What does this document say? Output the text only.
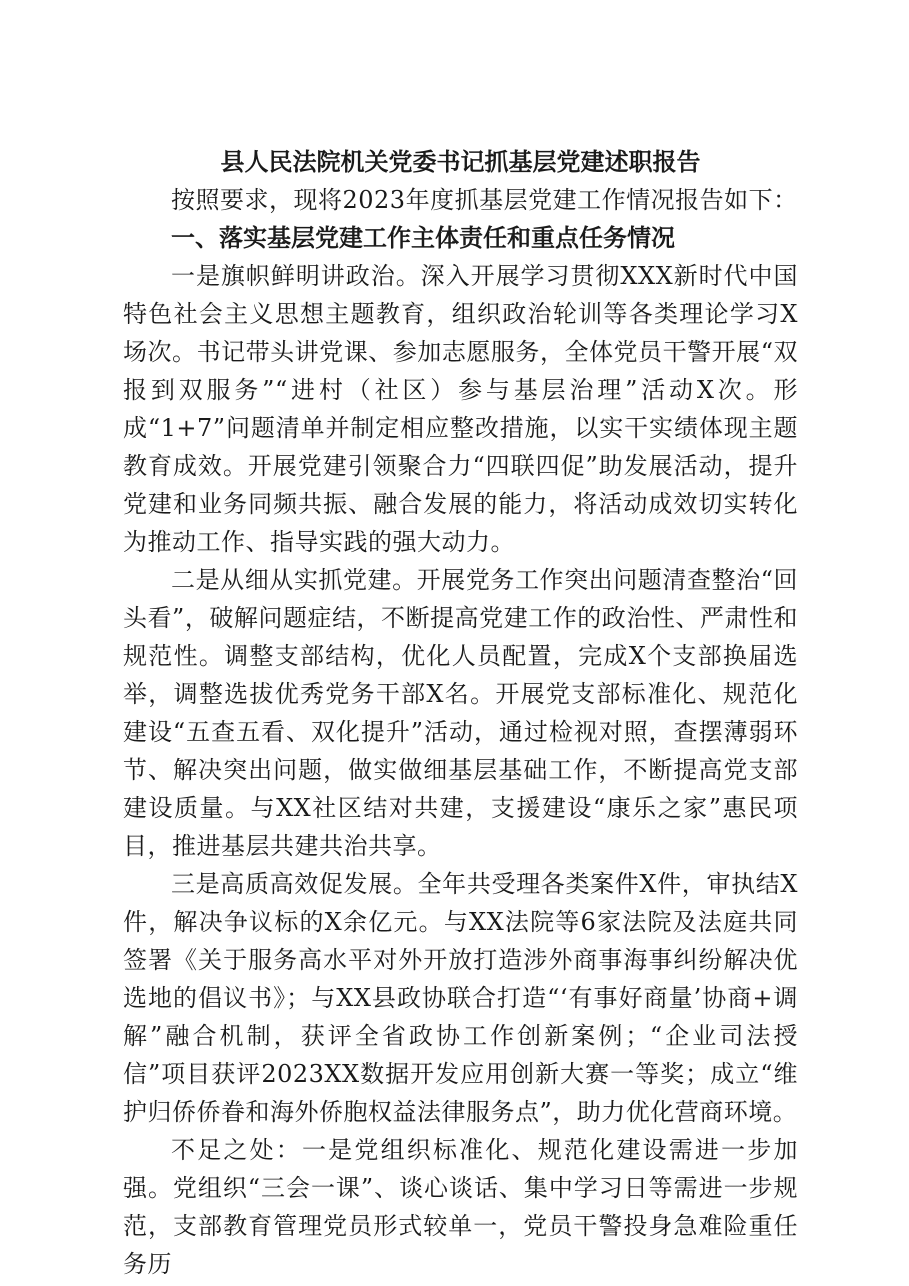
县人民法院机关党委书记抓基层党建述职报告

按照要求，现将2023年度抓基层党建工作情况报告如下：

一、落实基层党建工作主体责任和重点任务情况

一是旗帜鲜明讲政治。深入开展学习贯彻XXX新时代中国特色社会主义思想主题教育，组织政治轮训等各类理论学习X场次。书记带头讲党课、参加志愿服务，全体党员干警开展“双报到双服务”“进村（社区）参与基层治理”活动X次。形成“1+7”问题清单并制定相应整改措施，以实干实绩体现主题教育成效。开展党建引领聚合力“四联四促”助发展活动，提升党建和业务同频共振、融合发展的能力，将活动成效切实转化为推动工作、指导实践的强大动力。

二是从细从实抓党建。开展党务工作突出问题清查整治“回头看”，破解问题症结，不断提高党建工作的政治性、严肃性和规范性。调整支部结构，优化人员配置，完成X个支部换届选举，调整选拔优秀党务干部X名。开展党支部标准化、规范化建设“五查五看、双化提升”活动，通过检视对照，查摆薄弱环节、解决突出问题，做实做细基层基础工作，不断提高党支部建设质量。与XX社区结对共建，支援建设“康乐之家”惠民项目，推进基层共建共治共享。

三是高质高效促发展。全年共受理各类案件X件，审执结X件，解决争议标的X余亿元。与XX法院等6家法院及法庭共同签署《关于服务高水平对外开放打造涉外商事海事纠纷解决优选地的倡议书》；与XX县政协联合打造“‘有事好商量’协商+调解”融合机制，获评全省政协工作创新案例；“企业司法授信”项目获评2023XX数据开发应用创新大赛一等奖；成立“维护归侨侨眷和海外侨胞权益法律服务点”，助力优化营商环境。

不足之处：一是党组织标准化、规范化建设需进一步加强。党组织“三会一课”、谈心谈话、集中学习日等需进一步规范，支部教育管理党员形式较单一，党员干警投身急难险重任务历
